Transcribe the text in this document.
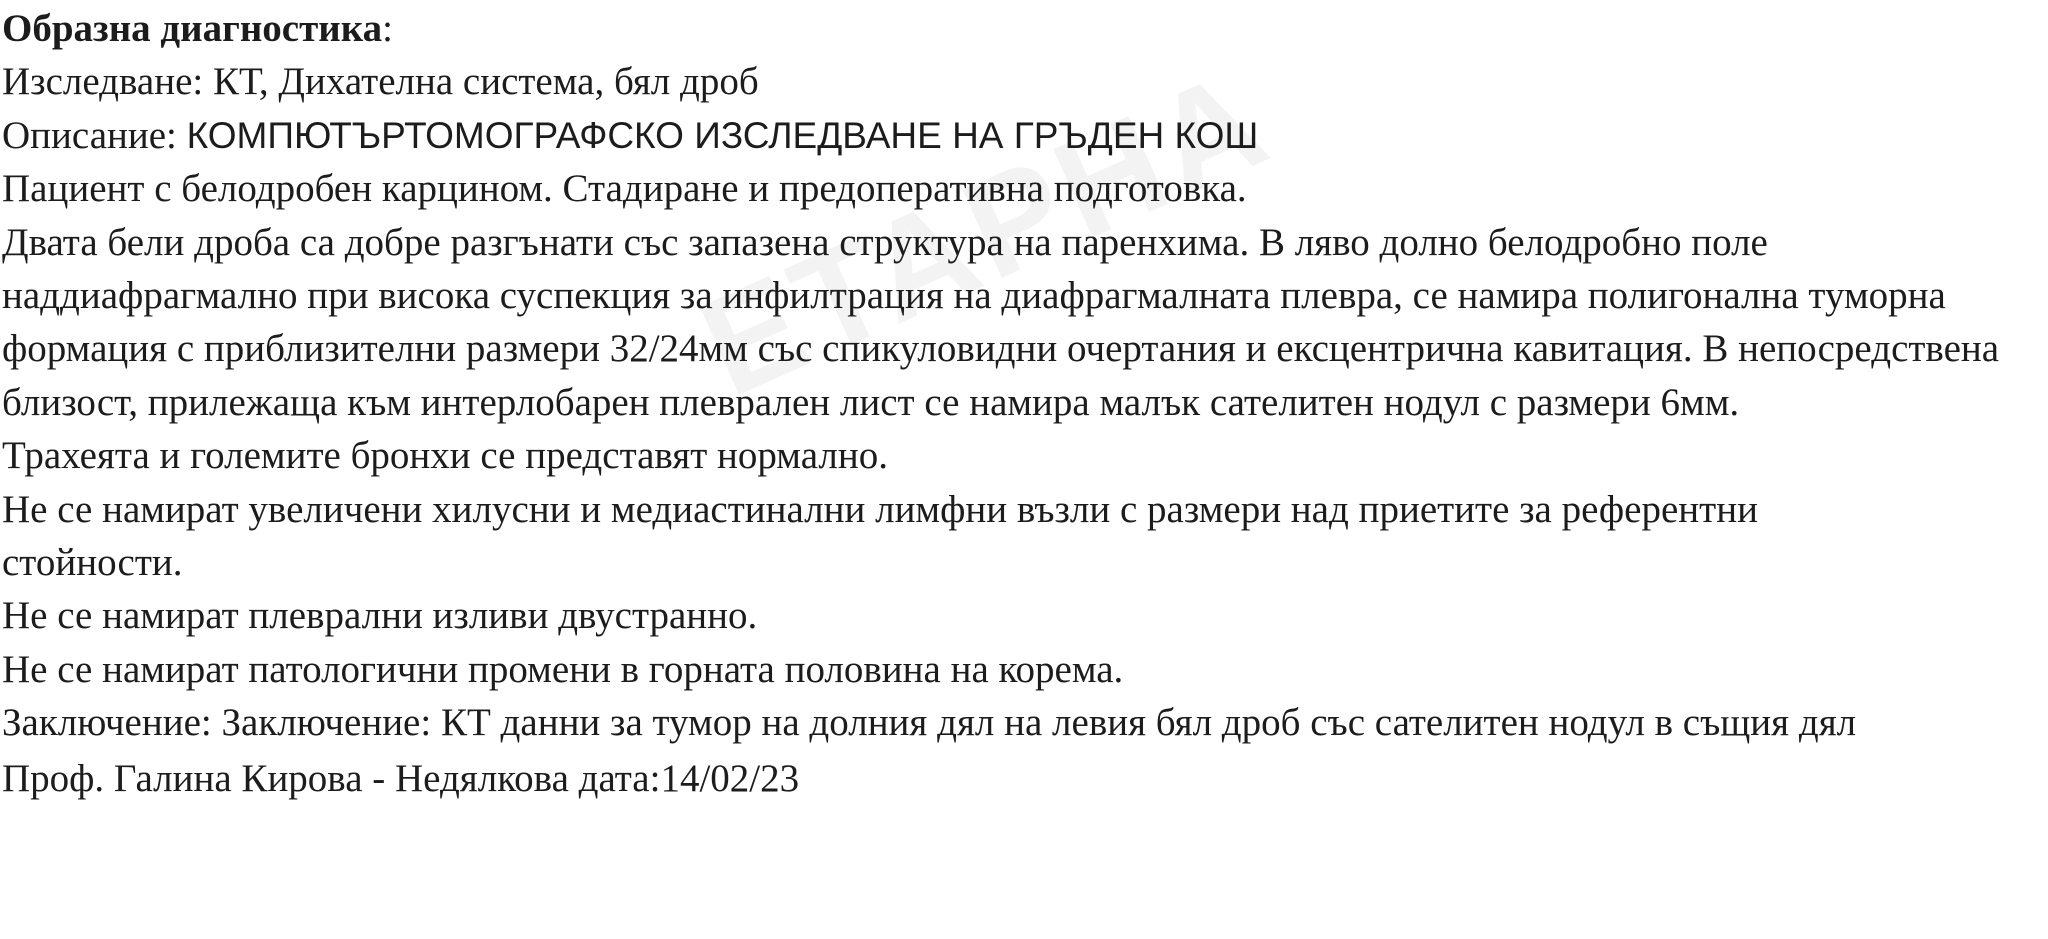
Образна диагностика:
Изследване: КТ, Дихателна система, бял дроб
Описание: КОМПЮТЪРТОМОГРАФСКО ИЗСЛЕДВАНЕ НА ГРЪДЕН КОШ
Пациент с белодробен карцином. Стадиране и предоперативна подготовка.
Двата бели дроба са добре разгънати със запазена структура на паренхима. В ляво долно белодробно поле наддиафрагмално при висока суспекция за инфилтрация на диафрагмалната плевра, се намира полигонална туморна формация с приблизителни размери 32/24мм със спикуловидни очертания и ексцентрична кавитация. В непосредствена близост, прилежаща към интерлобарен плеврален лист се намира малък сателитен нодул с размери 6мм.
Трахеята и големите бронхи се представят нормално.
Не се намират увеличени хилусни и медиастинални лимфни възли с размери над приетите за референтни стойности.
Не се намират плеврални изливи двустранно.
Не се намират патологични промени в горната половина на корема.
Заключение: Заключение: КТ данни за тумор на долния дял на левия бял дроб със сателитен нодул в същия дял
Проф. Галина Кирова - Недялкова дата:14/02/23
